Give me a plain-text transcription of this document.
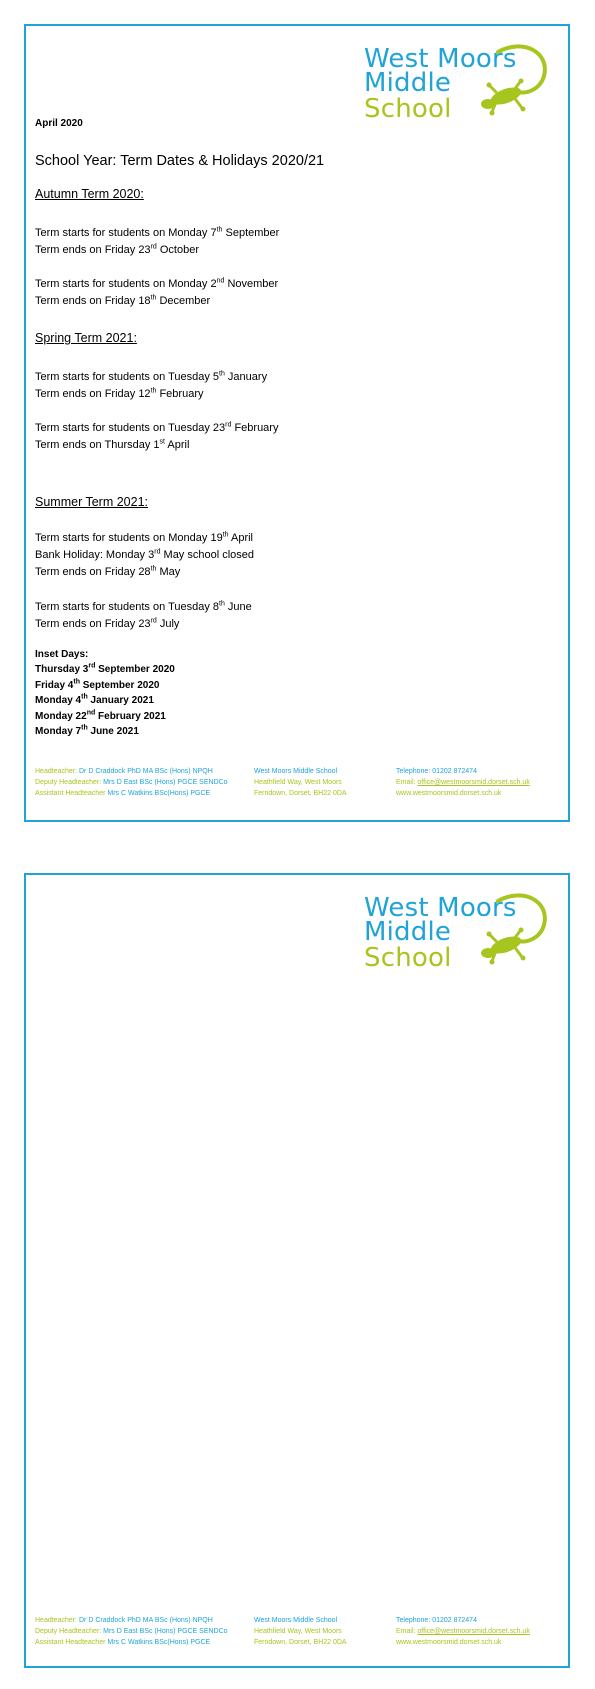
West Moors
Middle
School
April 2020
School Year: Term Dates & Holidays 2020/21
Autumn Term 2020:
Term starts for students on Monday 7th September
Term ends on Friday 23rd October
Term starts for students on Monday 2nd November
Term ends on Friday 18th December
Spring Term 2021:
Term starts for students on Tuesday 5th January
Term ends on Friday 12th February
Term starts for students on Tuesday 23rd February
Term ends on Thursday 1st April
Summer Term 2021:
Term starts for students on Monday 19th April
Bank Holiday: Monday 3rd May school closed
Term ends on Friday 28th May
Term starts for students on Tuesday 8th June
Term ends on Friday 23rd July
Inset Days:
Thursday 3rd September 2020
Friday 4th September 2020
Monday 4th January 2021
Monday 22nd February 2021
Monday 7th June 2021
Headteacher: Dr D Craddock PhD MA BSc (Hons) NPQH
Deputy Headteacher: Mrs D East BSc (Hons) PGCE SENDCo
Assistant Headteacher Mrs C Watkins BSc(Hons) PGCE
West Moors Middle School
Heathfield Way, West Moors
Ferndown, Dorset, BH22 0DA
Telephone: 01202 872474
Email: office@westmoorsmid.dorset.sch.uk
www.westmoorsmid.dorset.sch.uk
West Moors
Middle
School
Headteacher: Dr D Craddock PhD MA BSc (Hons) NPQH
Deputy Headteacher: Mrs D East BSc (Hons) PGCE SENDCo
Assistant Headteacher Mrs C Watkins BSc(Hons) PGCE
West Moors Middle School
Heathfield Way, West Moors
Ferndown, Dorset, BH22 0DA
Telephone: 01202 872474
Email: office@westmoorsmid.dorset.sch.uk
www.westmoorsmid.dorset.sch.uk
